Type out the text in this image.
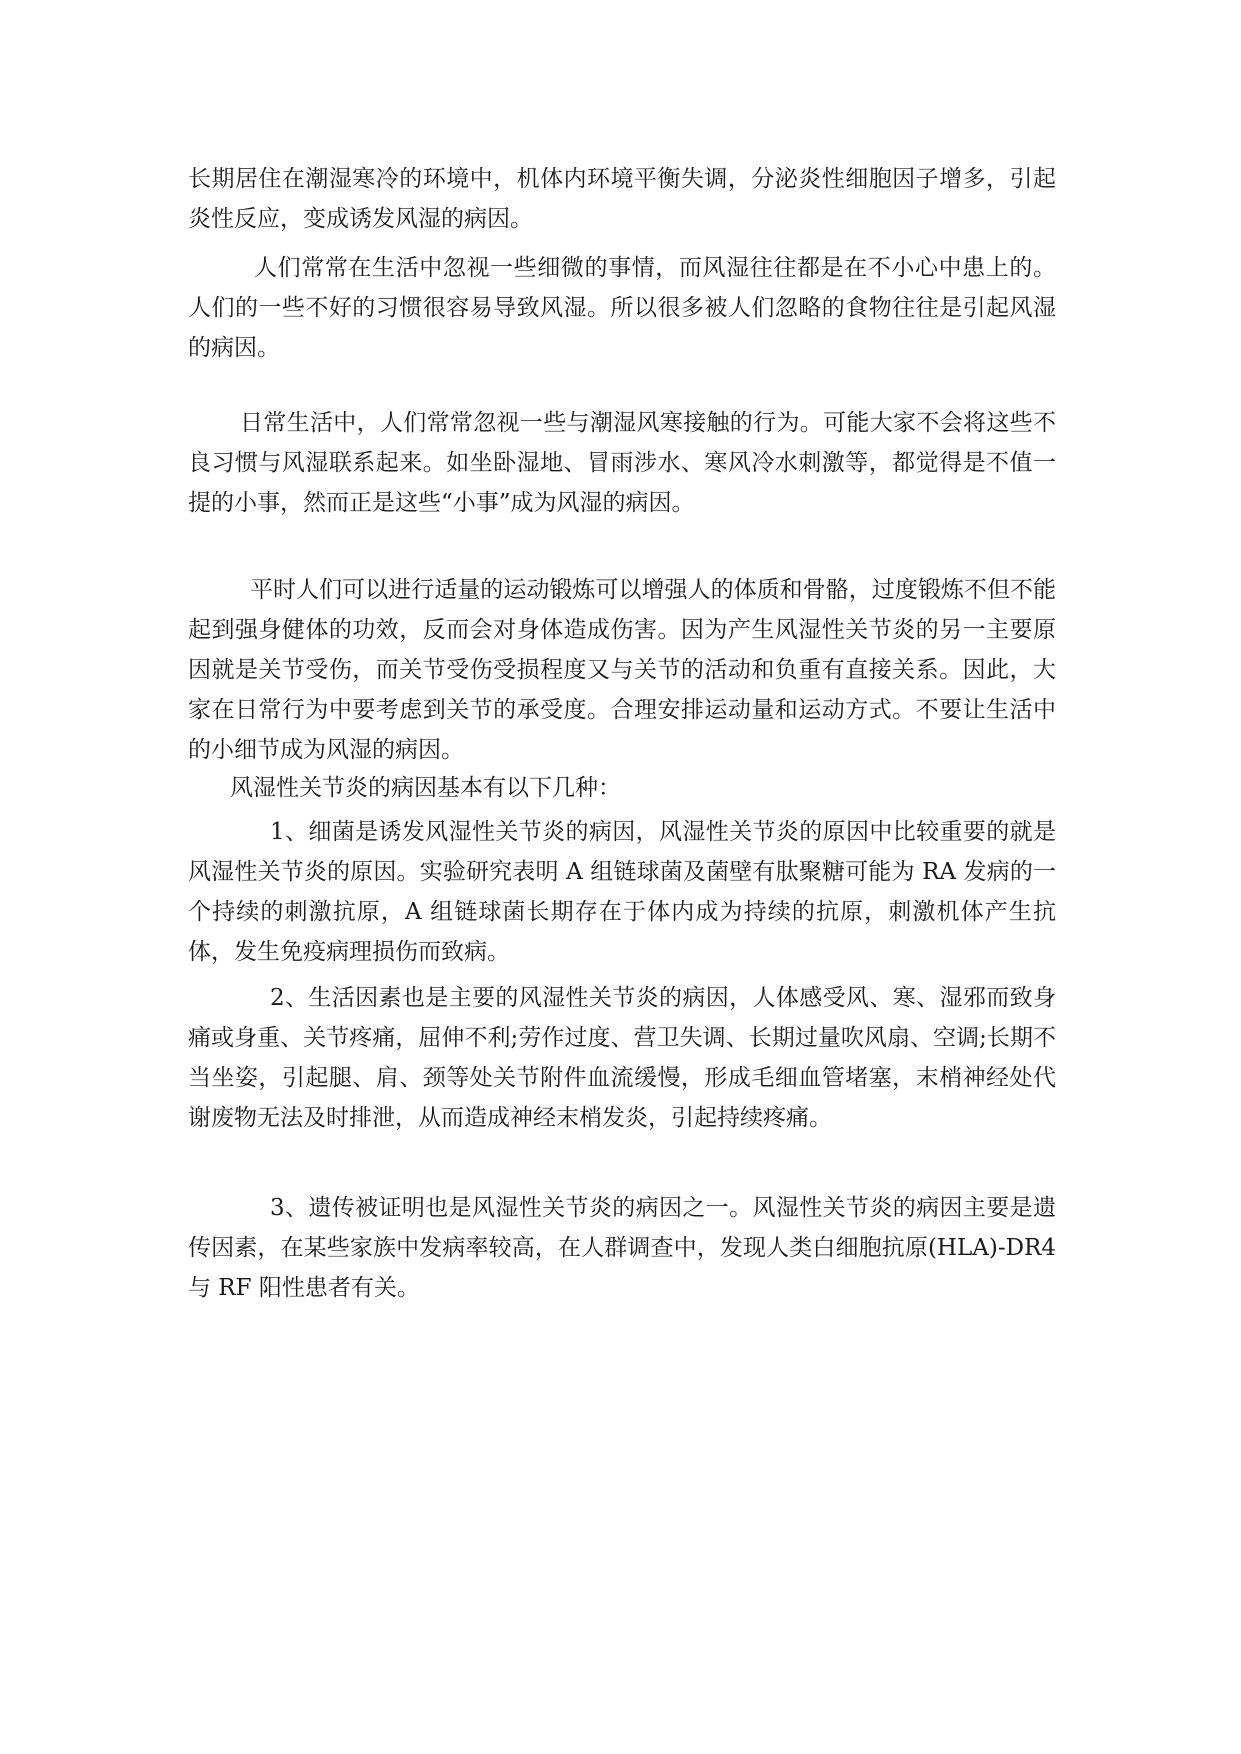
长期居住在潮湿寒冷的环境中，机体内环境平衡失调，分泌炎性细胞因子增多，引起炎性反应，变成诱发风湿的病因。

人们常常在生活中忽视一些细微的事情，而风湿往往都是在不小心中患上的。人们的一些不好的习惯很容易导致风湿。所以很多被人们忽略的食物往往是引起风湿的病因。

日常生活中，人们常常忽视一些与潮湿风寒接触的行为。可能大家不会将这些不良习惯与风湿联系起来。如坐卧湿地、冒雨涉水、寒风冷水刺激等，都觉得是不值一提的小事，然而正是这些“小事”成为风湿的病因。

平时人们可以进行适量的运动锻炼可以增强人的体质和骨骼，过度锻炼不但不能起到强身健体的功效，反而会对身体造成伤害。因为产生风湿性关节炎的另一主要原因就是关节受伤，而关节受伤受损程度又与关节的活动和负重有直接关系。因此，大家在日常行为中要考虑到关节的承受度。合理安排运动量和运动方式。不要让生活中的小细节成为风湿的病因。

风湿性关节炎的病因基本有以下几种：

1、细菌是诱发风湿性关节炎的病因，风湿性关节炎的原因中比较重要的就是风湿性关节炎的原因。实验研究表明 A 组链球菌及菌壁有肽聚糖可能为 RA 发病的一个持续的刺激抗原，A 组链球菌长期存在于体内成为持续的抗原，刺激机体产生抗体，发生免疫病理损伤而致病。

2、生活因素也是主要的风湿性关节炎的病因，人体感受风、寒、湿邪而致身痛或身重、关节疼痛，屈伸不利;劳作过度、营卫失调、长期过量吹风扇、空调;长期不当坐姿，引起腿、肩、颈等处关节附件血流缓慢，形成毛细血管堵塞，末梢神经处代谢废物无法及时排泄，从而造成神经末梢发炎，引起持续疼痛。

3、遗传被证明也是风湿性关节炎的病因之一。风湿性关节炎的病因主要是遗传因素，在某些家族中发病率较高，在人群调查中，发现人类白细胞抗原(HLA)-DR4 与 RF 阳性患者有关。
